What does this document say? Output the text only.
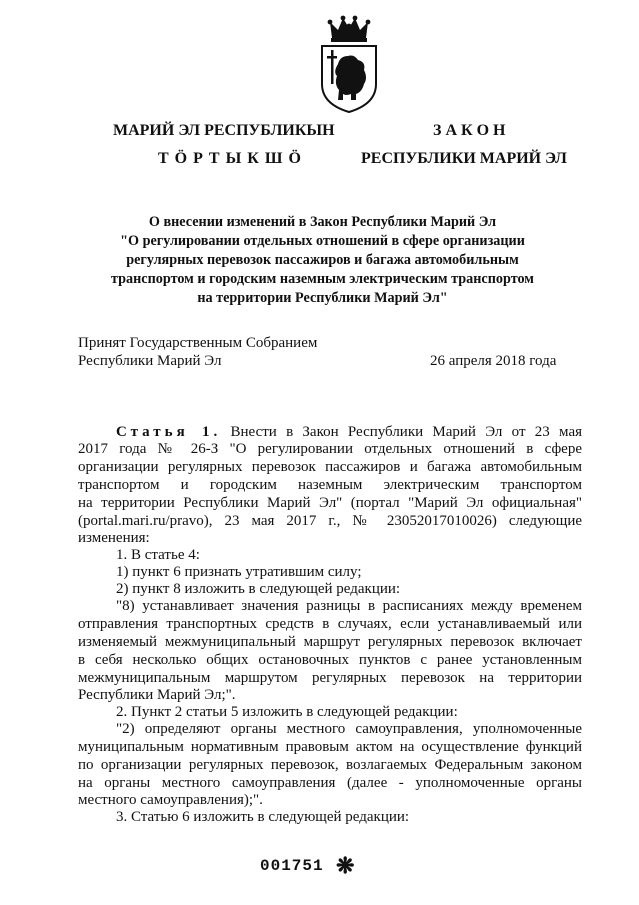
МАРИЙ ЭЛ РЕСПУБЛИКЫН
Т Ӧ Р Т Ы К Ш Ӧ
З А К О Н
РЕСПУБЛИКИ МАРИЙ ЭЛ
О внесении изменений в Закон Республики Марий Эл
"О регулировании отдельных отношений в сфере организации
регулярных перевозок пассажиров и багажа автомобильным
транспортом и городским наземным электрическим транспортом
на территории Республики Марий Эл"
Принят Государственным Собранием
Республики Марий Эл	26 апреля 2018 года
Статья 1. Внести в Закон Республики Марий Эл от 23 мая
2017 года № 26-З "О регулировании отдельных отношений в сфере
организации регулярных перевозок пассажиров и багажа автомобильным
транспортом и городским наземным электрическим транспортом
на территории Республики Марий Эл" (портал "Марий Эл официальная"
(portal.mari.ru/pravo), 23 мая 2017 г., № 23052017010026) следующие
изменения:
1. В статье 4:
1) пункт 6 признать утратившим силу;
2) пункт 8 изложить в следующей редакции:
"8) устанавливает значения разницы в расписаниях между временем
отправления транспортных средств в случаях, если устанавливаемый или
изменяемый межмуниципальный маршрут регулярных перевозок включает
в себя несколько общих остановочных пунктов с ранее установленным
межмуниципальным маршрутом регулярных перевозок на территории
Республики Марий Эл;".
2. Пункт 2 статьи 5 изложить в следующей редакции:
"2) определяют органы местного самоуправления, уполномоченные
муниципальным нормативным правовым актом на осуществление функций
по организации регулярных перевозок, возлагаемых Федеральным законом
на органы местного самоуправления (далее - уполномоченные органы
местного самоуправления);".
3. Статью 6 изложить в следующей редакции:
001751 ❋
